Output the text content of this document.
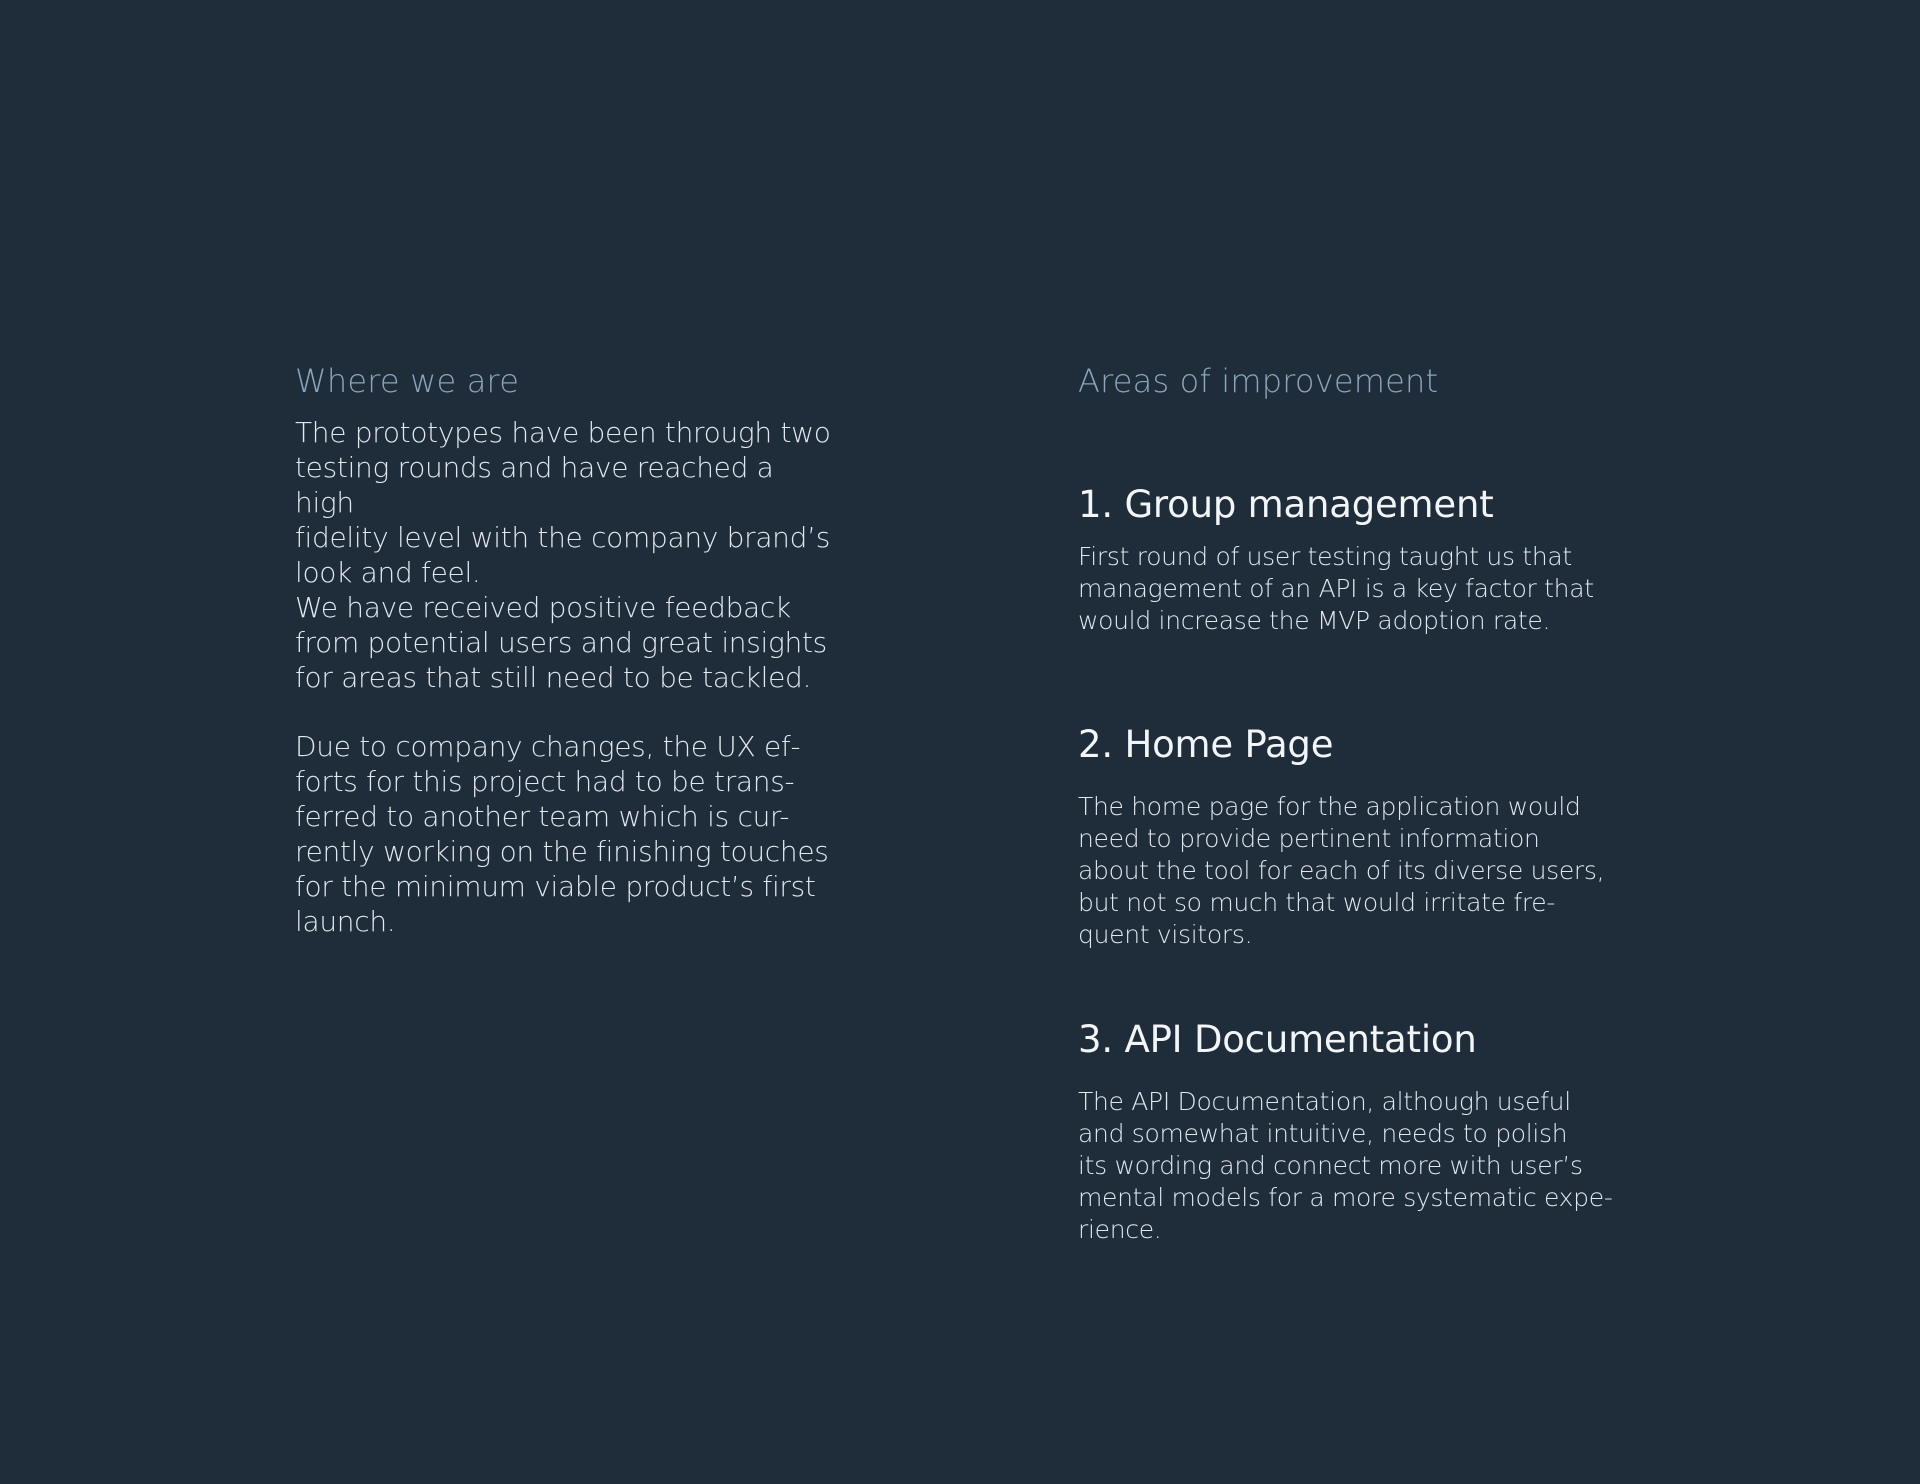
Where we are

The prototypes have been through two
testing rounds and have reached a high
fidelity level with the company brand’s
look and feel.

We have received positive feedback
from potential users and great insights
for areas that still need to be tackled.

Due to company changes, the UX ef-
forts for this project had to be trans-
ferred to another team which is cur-
rently working on the finishing touches
for the minimum viable product’s first
launch.

Areas of improvement
1. Group management

First round of user testing taught us that
management of an API is a key factor that
would increase the MVP adoption rate.

2. Home Page

The home page for the application would
need to provide pertinent information
about the tool for each of its diverse users,
but not so much that would irritate fre-
quent visitors.

3. API Documentation

The API Documentation, although useful
and somewhat intuitive, needs to polish
its wording and connect more with user’s
mental models for a more systematic expe-
rience.
